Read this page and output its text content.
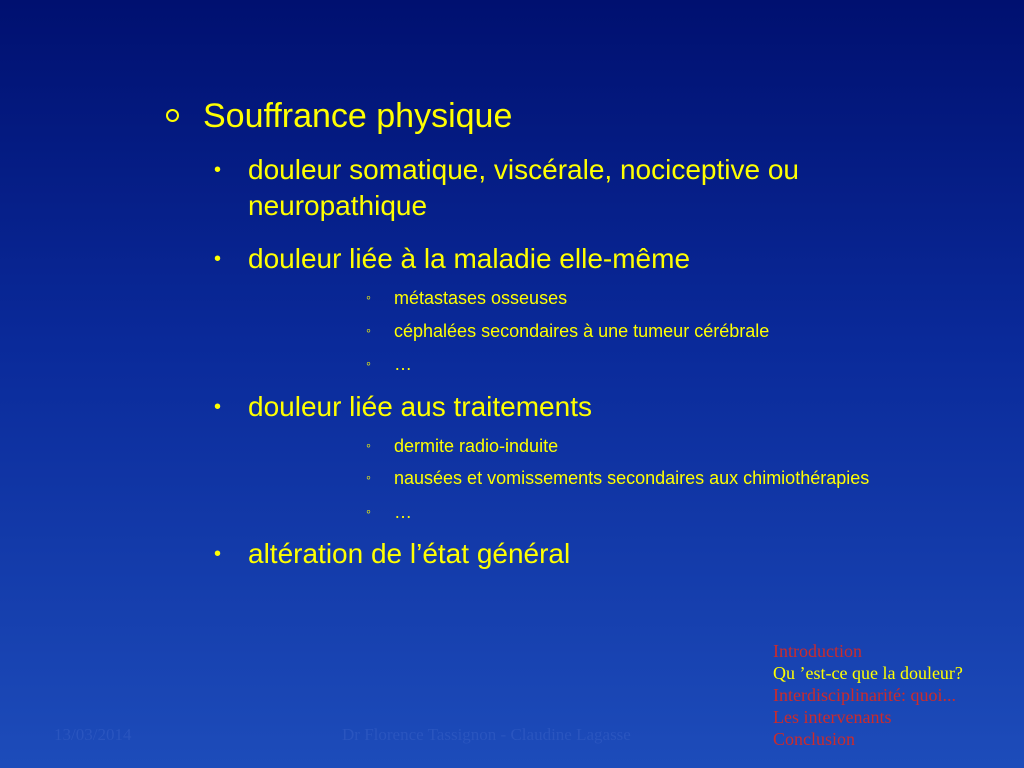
Souffrance physique
• douleur somatique, viscérale, nociceptive ou neuropathique
• douleur liée à la maladie elle-même
◦ métastases osseuses
◦ céphalées secondaires à une tumeur cérébrale
◦ …
• douleur liée aus traitements
◦ dermite radio-induite
◦ nausées et vomissements secondaires aux chimiothérapies
◦ …
• altération de l’état général
13/03/2014	Dr Florence Tassignon - Claudine Lagasse
Introduction
Qu ’est-ce que la douleur?
Interdisciplinarité: quoi...
Les intervenants
Conclusion
